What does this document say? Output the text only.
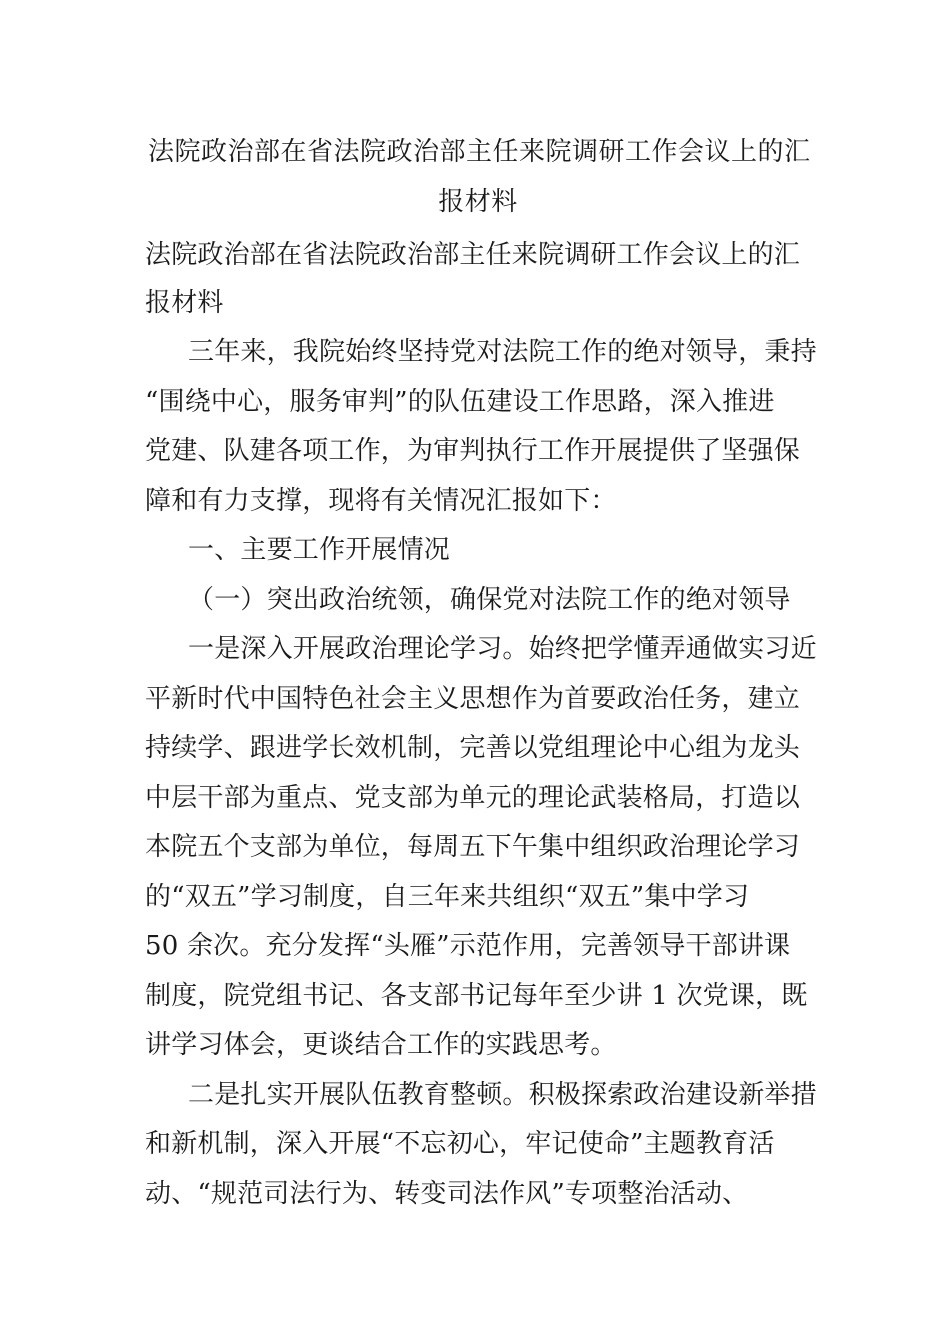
法院政治部在省法院政治部主任来院调研工作会议上的汇
报材料
法院政治部在省法院政治部主任来院调研工作会议上的汇
报材料
三年来，我院始终坚持党对法院工作的绝对领导，秉持
“围绕中心，服务审判”的队伍建设工作思路，深入推进
党建、队建各项工作，为审判执行工作开展提供了坚强保
障和有力支撑，现将有关情况汇报如下：
一、主要工作开展情况
（一）突出政治统领，确保党对法院工作的绝对领导
一是深入开展政治理论学习。始终把学懂弄通做实习近
平新时代中国特色社会主义思想作为首要政治任务，建立
持续学、跟进学长效机制，完善以党组理论中心组为龙头
中层干部为重点、党支部为单元的理论武装格局，打造以
本院五个支部为单位，每周五下午集中组织政治理论学习
的“双五”学习制度，自三年来共组织“双五”集中学习
50 余次。充分发挥“头雁”示范作用，完善领导干部讲课
制度，院党组书记、各支部书记每年至少讲 1 次党课，既
讲学习体会，更谈结合工作的实践思考。
二是扎实开展队伍教育整顿。积极探索政治建设新举措
和新机制，深入开展“不忘初心，牢记使命”主题教育活
动、“规范司法行为、转变司法作风”专项整治活动、
